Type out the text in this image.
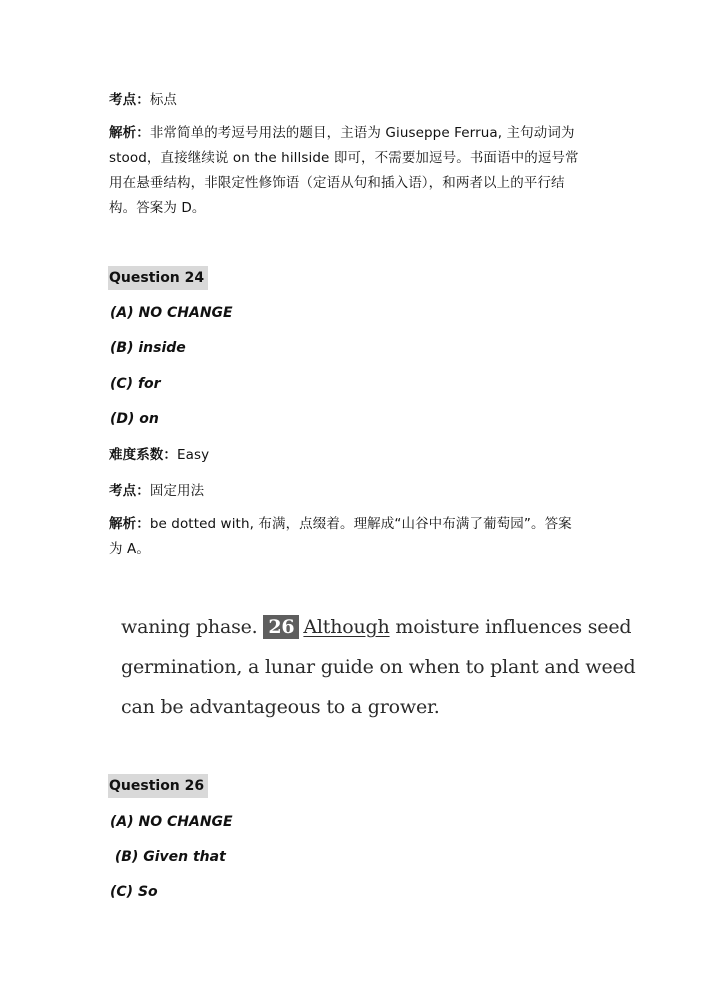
考点：标点
解析：非常简单的考逗号用法的题目，主语为 Giuseppe Ferrua, 主句动词为
stood，直接继续说 on the hillside 即可，不需要加逗号。书面语中的逗号常
用在悬垂结构，非限定性修饰语（定语从句和插入语），和两者以上的平行结
构。答案为 D。
Question 24
(A) NO CHANGE
(B) inside
(C) for
(D) on
难度系数：Easy
考点：固定用法
解析：be dotted with, 布满，点缀着。理解成“山谷中布满了葡萄园”。答案
为 A。
waning phase. 26 Although moisture influences seed
germination, a lunar guide on when to plant and weed
can be advantageous to a grower.
Question 26
(A) NO CHANGE
(B) Given that
(C) So
